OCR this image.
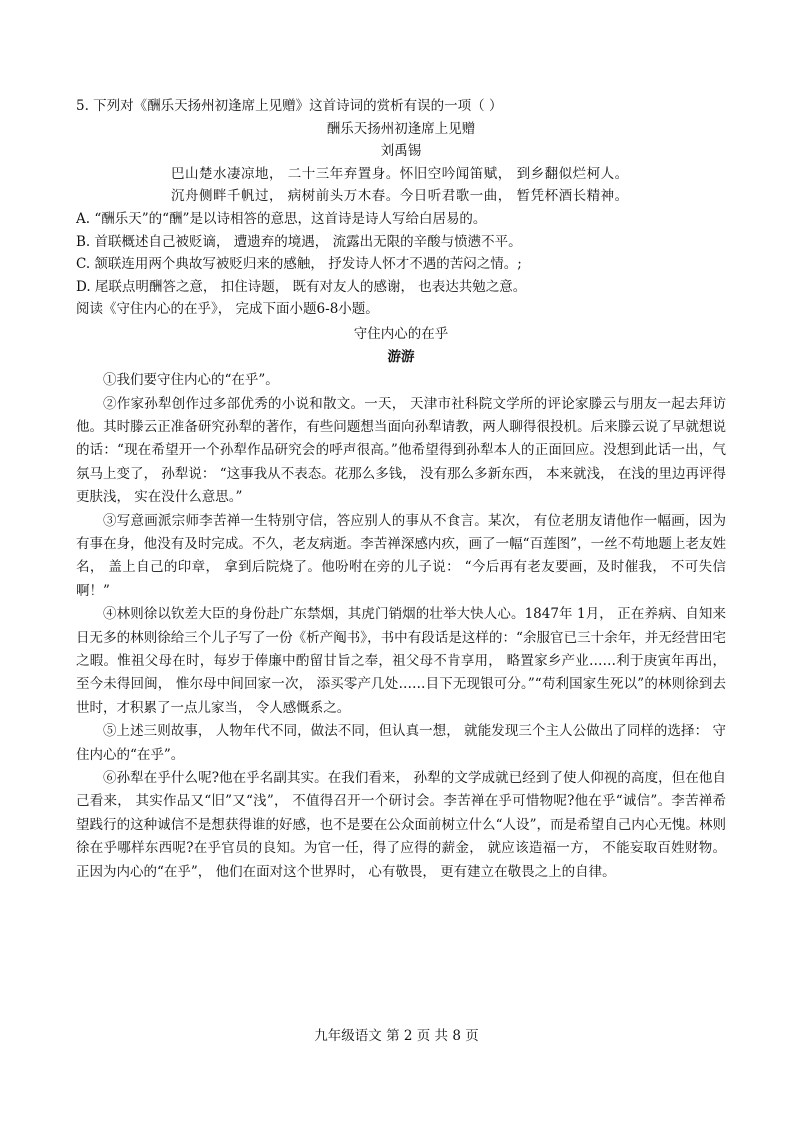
5. 下列对《酬乐天扬州初逢席上见赠》这首诗词的赏析有误的一项（ ）
酬乐天扬州初逢席上见赠
刘禹锡
巴山楚水凄凉地， 二十三年弃置身。怀旧空吟闻笛赋， 到乡翻似烂柯人。
沉舟侧畔千帆过， 病树前头万木春。今日听君歌一曲， 暂凭杯酒长精神。
A. “酬乐天”的“酬”是以诗相答的意思，这首诗是诗人写给白居易的。
B. 首联概述自己被贬谪， 遭遗弃的境遇， 流露出无限的辛酸与愤懑不平。
C. 颔联连用两个典故写被贬归来的感触， 抒发诗人怀才不遇的苦闷之情。;
D. 尾联点明酬答之意， 扣住诗题， 既有对友人的感谢， 也表达共勉之意。
阅读《守住内心的在乎》， 完成下面小题6-8小题。
守住内心的在乎
游游

①我们要守住内心的“在乎”。

②作家孙犁创作过多部优秀的小说和散文。一天， 天津市社科院文学所的评论家滕云与朋友一起去拜访他。其时滕云正准备研究孙犁的著作，有些问题想当面向孙犁请教，两人聊得很投机。后来滕云说了早就想说的话：“现在希望开一个孙犁作品研究会的呼声很高。”他希望得到孙犁本人的正面回应。没想到此话一出，气氛马上变了， 孙犁说： “这事我从不表态。花那么多钱， 没有那么多新东西， 本来就浅， 在浅的里边再评得更肤浅， 实在没什么意思。”

③写意画派宗师李苦禅一生特别守信，答应别人的事从不食言。某次， 有位老朋友请他作一幅画，因为有事在身，他没有及时完成。不久，老友病逝。李苦禅深感内疚，画了一幅“百莲图”，一丝不苟地题上老友姓名， 盖上自己的印章， 拿到后院烧了。他吩咐在旁的儿子说： “今后再有老友要画，及时催我， 不可失信啊！”

④林则徐以钦差大臣的身份赴广东禁烟，其虎门销烟的壮举大快人心。1847年 1月， 正在养病、自知来日无多的林则徐给三个儿子写了一份《析产阄书》，书中有段话是这样的：“余服官已三十余年，并无经营田宅之暇。惟祖父母在时，每岁于俸廉中酌留甘旨之奉，祖父母不肯享用， 略置家乡产业……利于庚寅年再出， 至今未得回闽， 惟尔母中间回家一次， 添买零产几处……目下无现银可分。”“苟利国家生死以”的林则徐到去世时，才积累了一点儿家当， 令人感慨系之。

⑤上述三则故事， 人物年代不同，做法不同，但认真一想， 就能发现三个主人公做出了同样的选择： 守住内心的“在乎”。

⑥孙犁在乎什么呢?他在乎名副其实。在我们看来， 孙犁的文学成就已经到了使人仰视的高度，但在他自己看来， 其实作品又“旧”又“浅”， 不值得召开一个研讨会。李苦禅在乎可惜物呢?他在乎“诚信”。李苦禅希望践行的这种诚信不是想获得谁的好感，也不是要在公众面前树立什么“人设”，而是希望自己内心无愧。林则徐在乎哪样东西呢?在乎官员的良知。为官一任，得了应得的薪金， 就应该造福一方， 不能妄取百姓财物。正因为内心的“在乎”， 他们在面对这个世界时， 心有敬畏， 更有建立在敬畏之上的自律。

九年级语文 第 2 页 共 8 页
